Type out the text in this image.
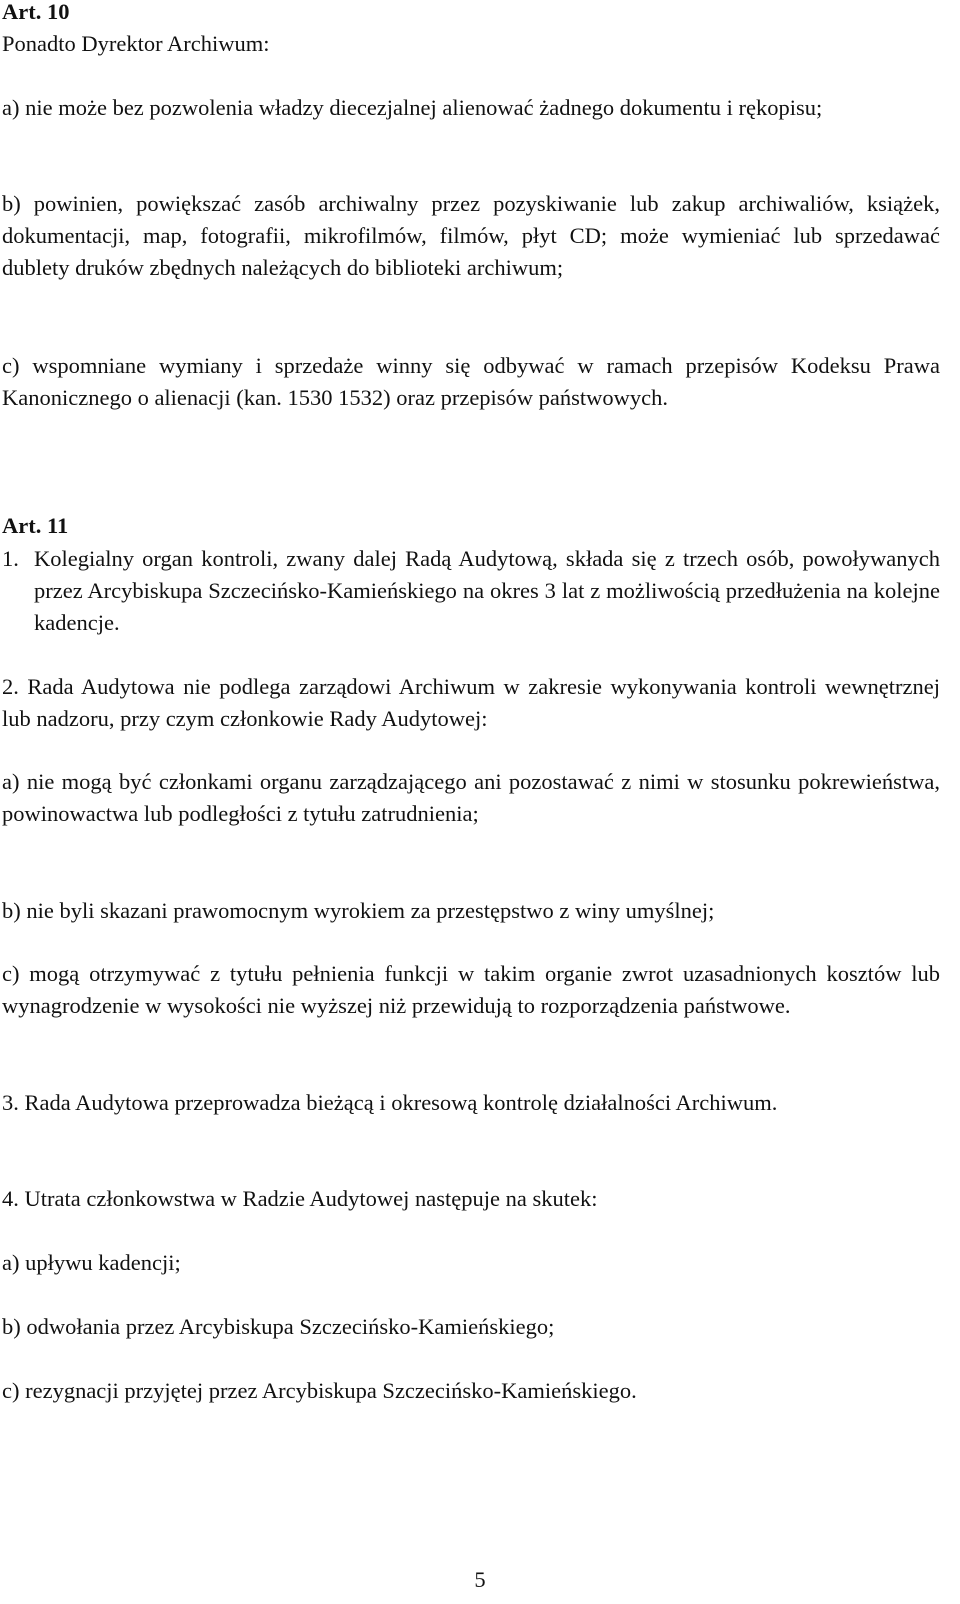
Art. 10
Ponadto Dyrektor Archiwum:
a) nie może bez pozwolenia władzy diecezjalnej alienować żadnego dokumentu i rękopisu;
b) powinien, powiększać zasób archiwalny przez pozyskiwanie lub zakup archiwaliów, książek, dokumentacji, map, fotografii, mikrofilmów, filmów, płyt CD; może wymieniać lub sprzedawać dublety druków zbędnych należących do biblioteki archiwum;
c) wspomniane wymiany i sprzedaże winny się odbywać w ramach przepisów Kodeksu Prawa Kanonicznego o alienacji (kan. 1530 1532) oraz przepisów państwowych.
Art. 11
1. Kolegialny organ kontroli, zwany dalej Radą Audytową, składa się z trzech osób, powoływanych przez Arcybiskupa Szczecińsko-Kamieńskiego na okres 3 lat z możliwością przedłużenia na kolejne kadencje.
2. Rada Audytowa nie podlega zarządowi Archiwum w zakresie wykonywania kontroli wewnętrznej lub nadzoru, przy czym członkowie Rady Audytowej:
a) nie mogą być członkami organu zarządzającego ani pozostawać z nimi w stosunku pokrewieństwa, powinowactwa lub podległości z tytułu zatrudnienia;
b) nie byli skazani prawomocnym wyrokiem za przestępstwo z winy umyślnej;
c) mogą otrzymywać z tytułu pełnienia funkcji w takim organie zwrot uzasadnionych kosztów lub wynagrodzenie w wysokości nie wyższej niż przewidują to rozporządzenia państwowe.
3. Rada Audytowa przeprowadza bieżącą i okresową kontrolę działalności Archiwum.
4. Utrata członkowstwa w Radzie Audytowej następuje na skutek:
a) upływu kadencji;
b) odwołania przez Arcybiskupa Szczecińsko-Kamieńskiego;
c) rezygnacji przyjętej przez Arcybiskupa Szczecińsko-Kamieńskiego.
5
